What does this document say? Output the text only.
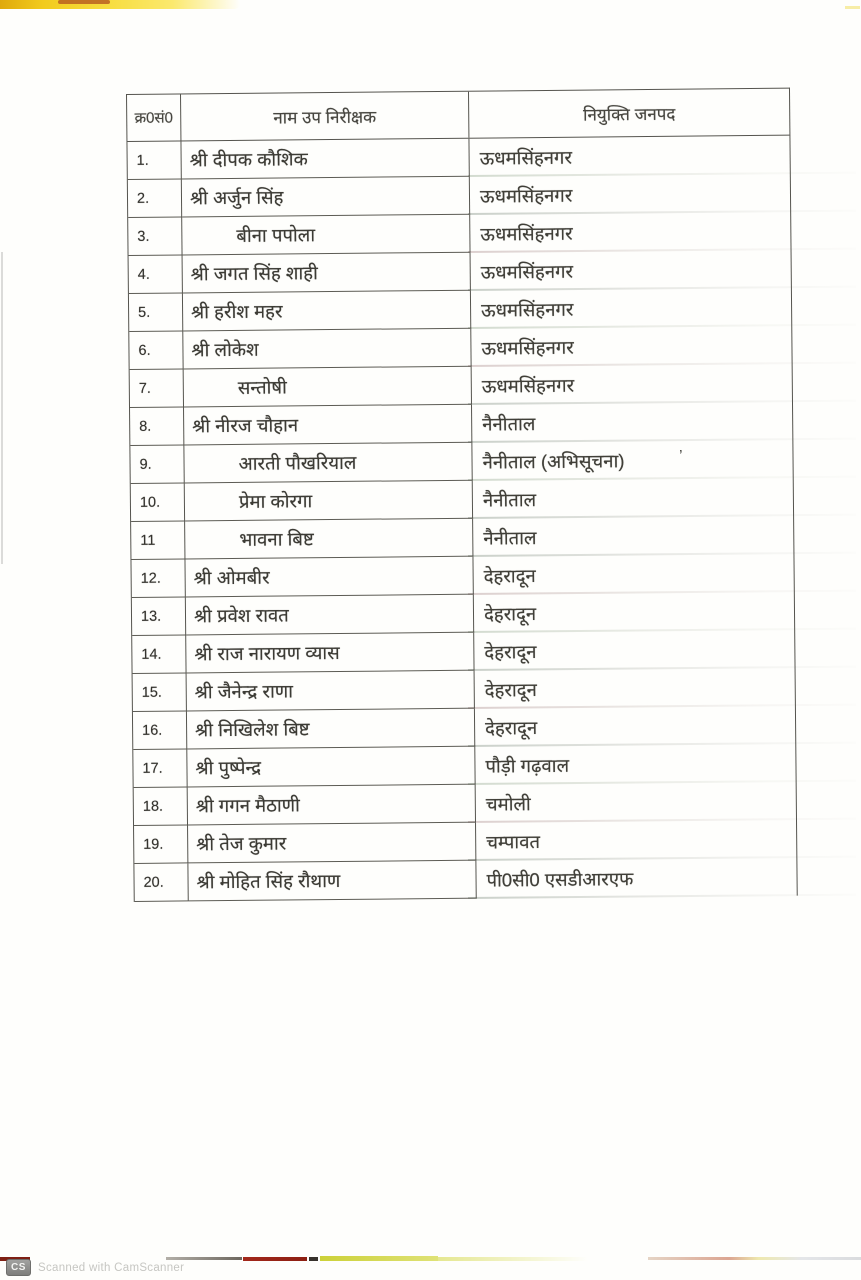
’
क्र0सं0	नाम उप निरीक्षक	नियुक्ति जनपद
1.	श्री दीपक कौशिक	ऊधमसिंहनगर
2.	श्री अर्जुन सिंह	ऊधमसिंहनगर
3.	बीना पपोला	ऊधमसिंहनगर
4.	श्री जगत सिंह शाही	ऊधमसिंहनगर
5.	श्री हरीश महर	ऊधमसिंहनगर
6.	श्री लोकेश	ऊधमसिंहनगर
7.	सन्तोषी	ऊधमसिंहनगर
8.	श्री नीरज चौहान	नैनीताल
9.	आरती पौखरियाल	नैनीताल (अभिसूचना)
10.	प्रेमा कोरगा	नैनीताल
11	भावना बिष्ट	नैनीताल
12.	श्री ओमबीर	देहरादून
13.	श्री प्रवेश रावत	देहरादून
14.	श्री राज नारायण व्यास	देहरादून
15.	श्री जैनेन्द्र राणा	देहरादून
16.	श्री निखिलेश बिष्ट	देहरादून
17.	श्री पुष्पेन्द्र	पौड़ी गढ़वाल
18.	श्री गगन मैठाणी	चमोली
19.	श्री तेज कुमार	चम्पावत
20.	श्री मोहित सिंह रौथाण	पी0सी0 एसडीआरएफ
CS	Scanned with CamScanner
